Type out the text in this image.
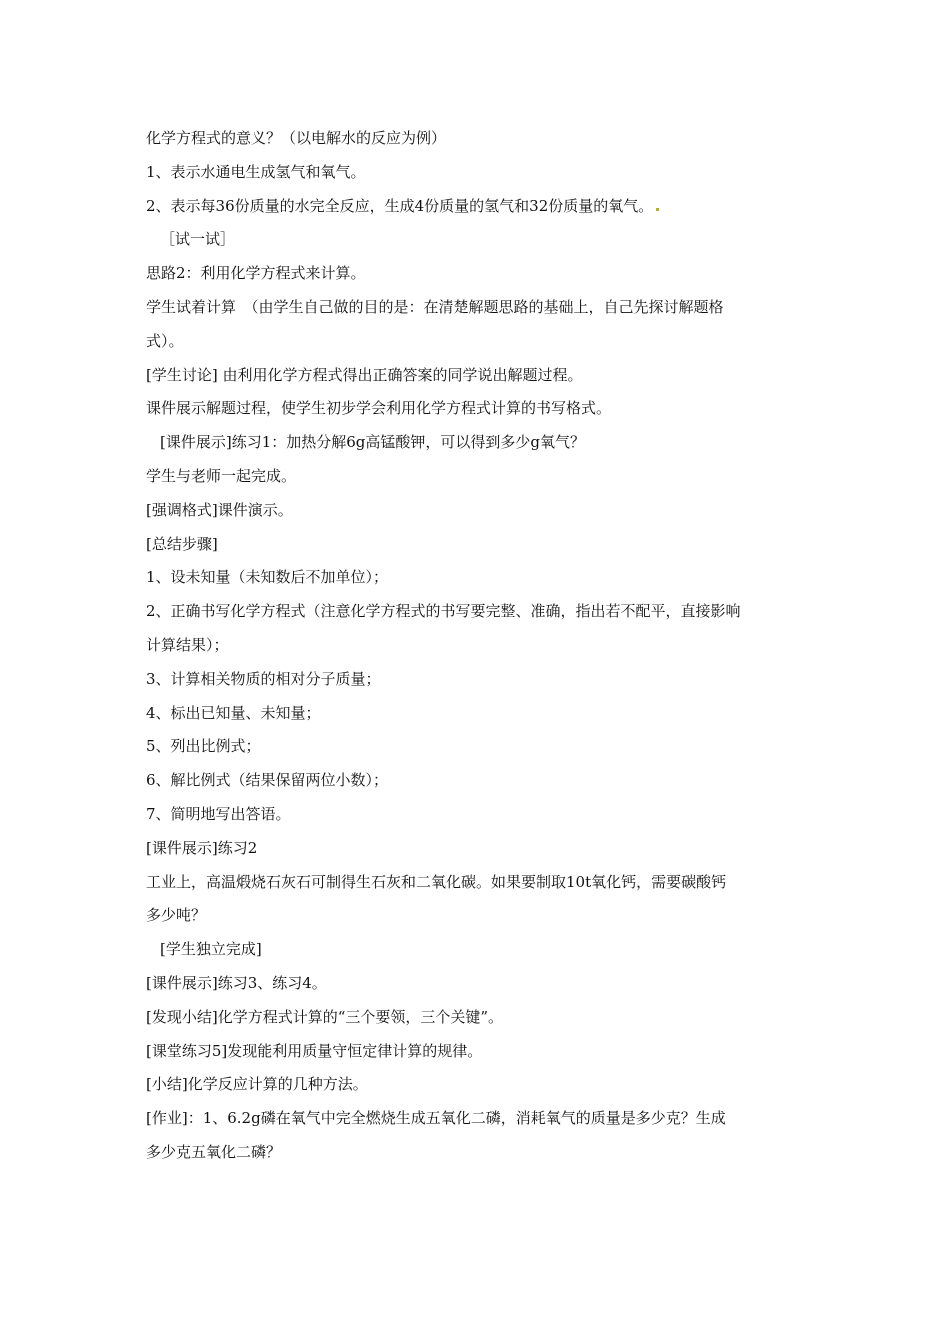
化学方程式的意义？（以电解水的反应为例）
1、表示水通电生成氢气和氧气。
2、表示每36份质量的水完全反应，生成4份质量的氢气和32份质量的氧气。
［试一试］
思路2：利用化学方程式来计算。
学生试着计算　（由学生自己做的目的是：在清楚解题思路的基础上，自己先探讨解题格
式）。
[学生讨论] 由利用化学方程式得出正确答案的同学说出解题过程。
课件展示解题过程，使学生初步学会利用化学方程式计算的书写格式。
[课件展示]练习1：加热分解6g高锰酸钾，可以得到多少g氧气？
学生与老师一起完成。
[强调格式]课件演示。
[总结步骤]
1、设未知量（未知数后不加单位）；
2、正确书写化学方程式（注意化学方程式的书写要完整、准确，指出若不配平，直接影响
计算结果）；
3、计算相关物质的相对分子质量；
4、标出已知量、未知量；
5、列出比例式；
6、解比例式（结果保留两位小数）；
7、简明地写出答语。
[课件展示]练习2
工业上，高温煅烧石灰石可制得生石灰和二氧化碳。如果要制取10t氧化钙，需要碳酸钙
多少吨？
[学生独立完成]
[课件展示]练习3、练习4。
[发现小结]化学方程式计算的“三个要领，三个关键”。
[课堂练习5]发现能利用质量守恒定律计算的规律。
[小结]化学反应计算的几种方法。
[作业]：1、6.2g磷在氧气中完全燃烧生成五氧化二磷，消耗氧气的质量是多少克？生成
多少克五氧化二磷？
